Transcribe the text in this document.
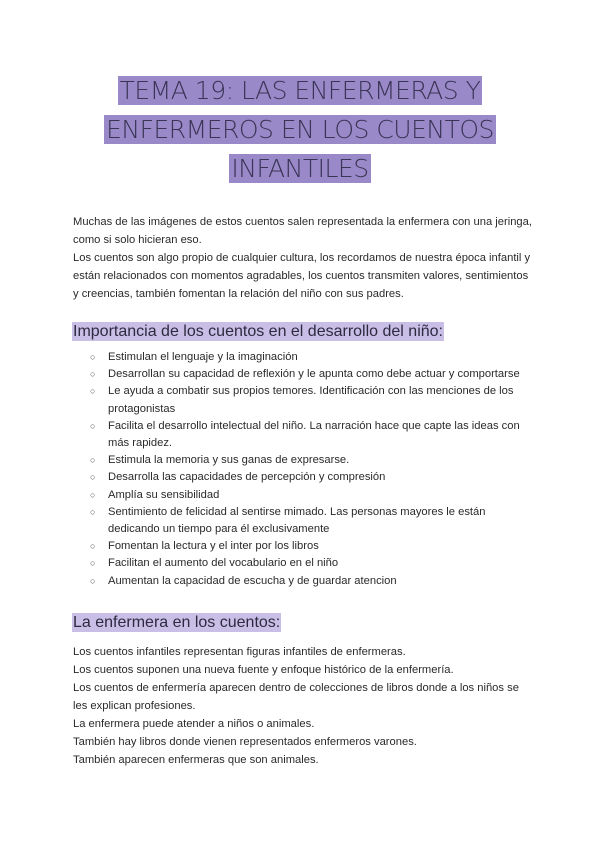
TEMA 19: LAS ENFERMERAS Y
ENFERMEROS EN LOS CUENTOS
INFANTILES

Muchas de las imágenes de estos cuentos salen representada la enfermera con una jeringa, como si solo hicieran eso.

Los cuentos son algo propio de cualquier cultura, los recordamos de nuestra época infantil y están relacionados con momentos agradables, los cuentos transmiten valores, sentimientos y creencias, también fomentan la relación del niño con sus padres.

Importancia de los cuentos en el desarrollo del niño:
○ Estimulan el lenguaje y la imaginación
○ Desarrollan su capacidad de reflexión y le apunta como debe actuar y comportarse
○ Le ayuda a combatir sus propios temores. Identificación con las menciones de los protagonistas
○ Facilita el desarrollo intelectual del niño. La narración hace que capte las ideas con más rapidez.
○ Estimula la memoria y sus ganas de expresarse.
○ Desarrolla las capacidades de percepción y compresión
○ Amplía su sensibilidad
○ Sentimiento de felicidad al sentirse mimado. Las personas mayores le están dedicando un tiempo para él exclusivamente
○ Fomentan la lectura y el inter por los libros
○ Facilitan el aumento del vocabulario en el niño
○ Aumentan la capacidad de escucha y de guardar atencion
La enfermera en los cuentos:

Los cuentos infantiles representan figuras infantiles de enfermeras.

Los cuentos suponen una nueva fuente y enfoque histórico de la enfermería.

Los cuentos de enfermería aparecen dentro de colecciones de libros donde a los niños se les explican profesiones.

La enfermera puede atender a niños o animales.

También hay libros donde vienen representados enfermeros varones.

También aparecen enfermeras que son animales.
